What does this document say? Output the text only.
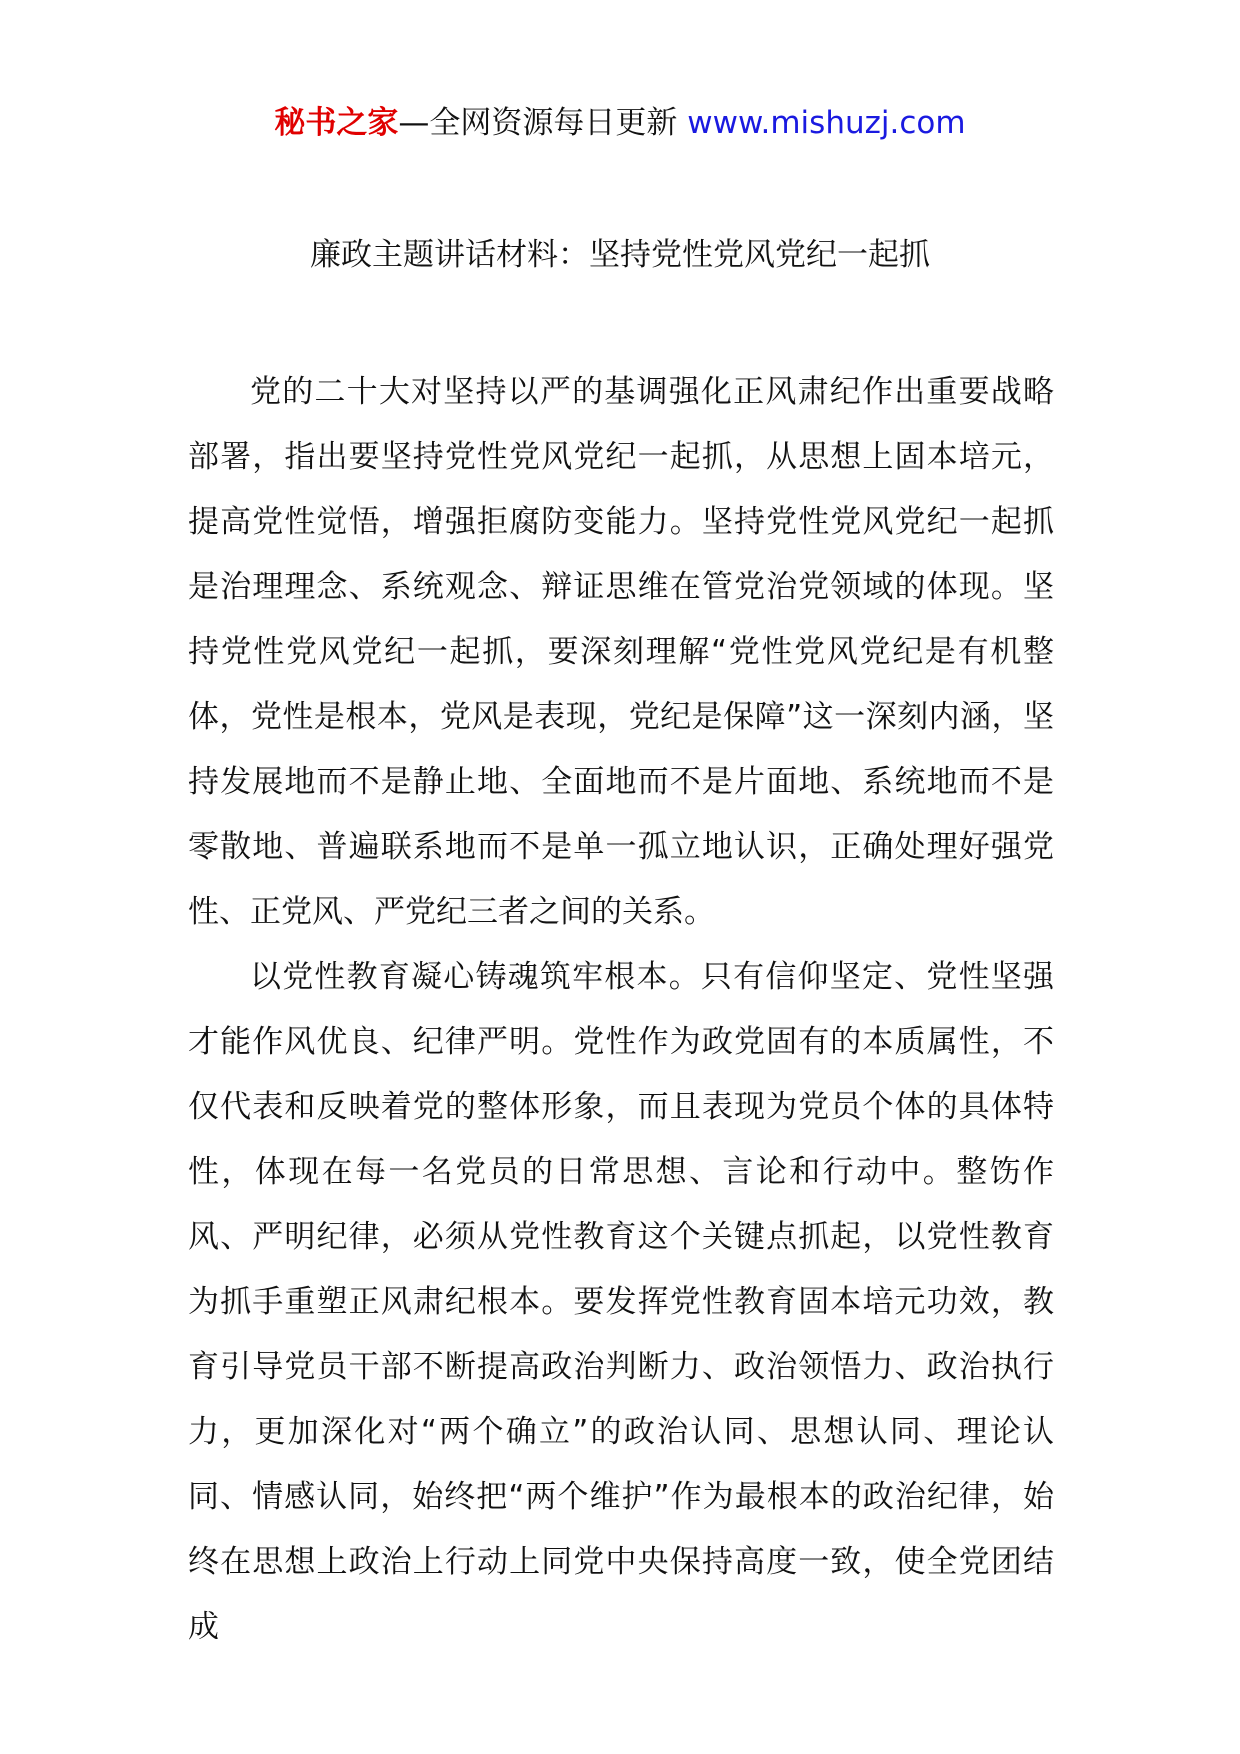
秘书之家—全网资源每日更新 www.mishuzj.com
廉政主题讲话材料：坚持党性党风党纪一起抓

党的二十大对坚持以严的基调强化正风肃纪作出重要战略部署，指出要坚持党性党风党纪一起抓，从思想上固本培元，提高党性觉悟，增强拒腐防变能力。坚持党性党风党纪一起抓是治理理念、系统观念、辩证思维在管党治党领域的体现。坚持党性党风党纪一起抓，要深刻理解“党性党风党纪是有机整体，党性是根本，党风是表现，党纪是保障”这一深刻内涵，坚持发展地而不是静止地、全面地而不是片面地、系统地而不是零散地、普遍联系地而不是单一孤立地认识，正确处理好强党性、正党风、严党纪三者之间的关系。

以党性教育凝心铸魂筑牢根本。只有信仰坚定、党性坚强才能作风优良、纪律严明。党性作为政党固有的本质属性，不仅代表和反映着党的整体形象，而且表现为党员个体的具体特性，体现在每一名党员的日常思想、言论和行动中。整饬作风、严明纪律，必须从党性教育这个关键点抓起，以党性教育为抓手重塑正风肃纪根本。要发挥党性教育固本培元功效，教育引导党员干部不断提高政治判断力、政治领悟力、政治执行力，更加深化对“两个确立”的政治认同、思想认同、理论认同、情感认同，始终把“两个维护”作为最根本的政治纪律，始终在思想上政治上行动上同党中央保持高度一致，使全党团结成
